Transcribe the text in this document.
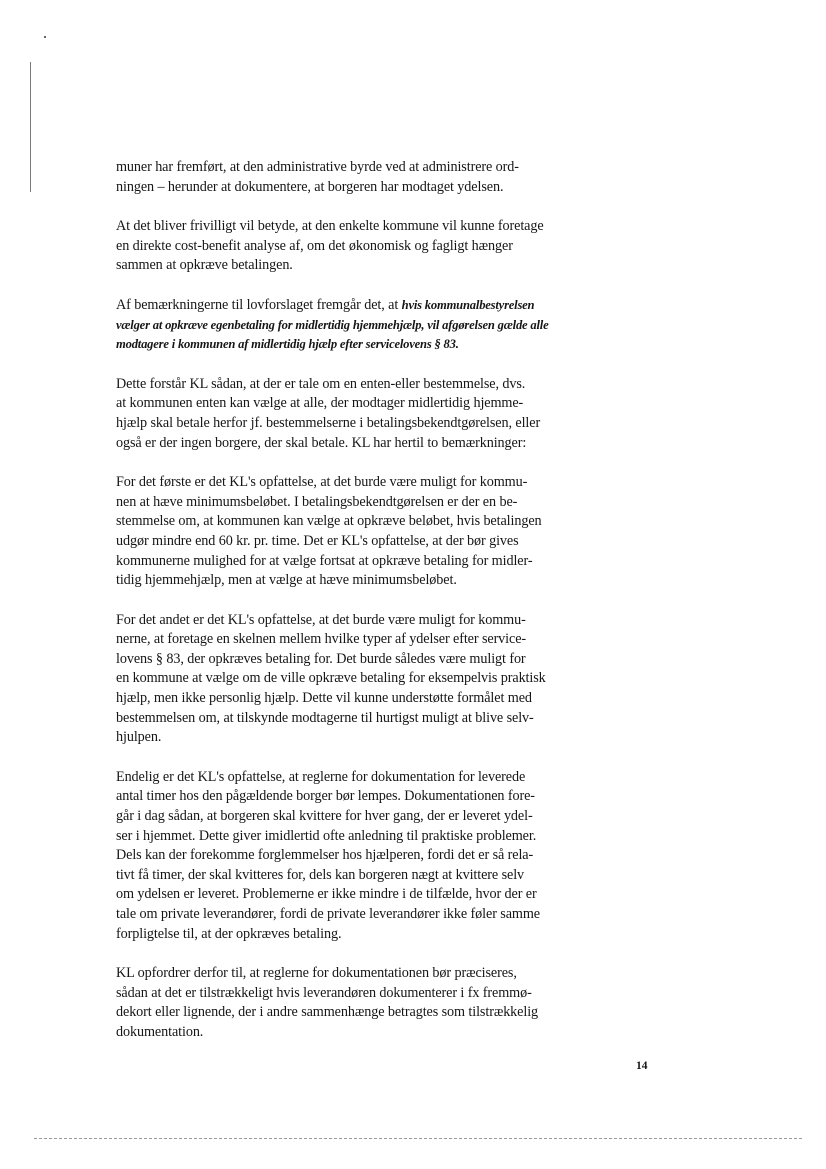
muner har fremført, at den administrative byrde ved at administrere ord-
ningen – herunder at dokumentere, at borgeren har modtaget ydelsen.

At det bliver frivilligt vil betyde, at den enkelte kommune vil kunne foretage
en direkte cost-benefit analyse af, om det økonomisk og fagligt hænger
sammen at opkræve betalingen.

Af bemærkningerne til lovforslaget fremgår det, at hvis kommunalbestyrelsen
vælger at opkræve egenbetaling for midlertidig hjemmehjælp, vil afgørelsen gælde alle
modtagere i kommunen af midlertidig hjælp efter servicelovens § 83.

Dette forstår KL sådan, at der er tale om en enten-eller bestemmelse, dvs.
at kommunen enten kan vælge at alle, der modtager midlertidig hjemme-
hjælp skal betale herfor jf. bestemmelserne i betalingsbekendtgørelsen, eller
også er der ingen borgere, der skal betale. KL har hertil to bemærkninger:

For det første er det KL's opfattelse, at det burde være muligt for kommu-
nen at hæve minimumsbeløbet. I betalingsbekendtgørelsen er der en be-
stemmelse om, at kommunen kan vælge at opkræve beløbet, hvis betalingen
udgør mindre end 60 kr. pr. time. Det er KL's opfattelse, at der bør gives
kommunerne mulighed for at vælge fortsat at opkræve betaling for midler-
tidig hjemmehjælp, men at vælge at hæve minimumsbeløbet.

For det andet er det KL's opfattelse, at det burde være muligt for kommu-
nerne, at foretage en skelnen mellem hvilke typer af ydelser efter service-
lovens § 83, der opkræves betaling for. Det burde således være muligt for
en kommune at vælge om de ville opkræve betaling for eksempelvis praktisk
hjælp, men ikke personlig hjælp. Dette vil kunne understøtte formålet med
bestemmelsen om, at tilskynde modtagerne til hurtigst muligt at blive selv-
hjulpen.

Endelig er det KL's opfattelse, at reglerne for dokumentation for leverede
antal timer hos den pågældende borger bør lempes. Dokumentationen fore-
går i dag sådan, at borgeren skal kvittere for hver gang, der er leveret ydel-
ser i hjemmet. Dette giver imidlertid ofte anledning til praktiske problemer.
Dels kan der forekomme forglemmelser hos hjælperen, fordi det er så rela-
tivt få timer, der skal kvitteres for, dels kan borgeren nægt at kvittere selv
om ydelsen er leveret. Problemerne er ikke mindre i de tilfælde, hvor der er
tale om private leverandører, fordi de private leverandører ikke føler samme
forpligtelse til, at der opkræves betaling.

KL opfordrer derfor til, at reglerne for dokumentationen bør præciseres,
sådan at det er tilstrækkeligt hvis leverandøren dokumenterer i fx fremmø-
dekort eller lignende, der i andre sammenhænge betragtes som tilstrækkelig
dokumentation.

14
